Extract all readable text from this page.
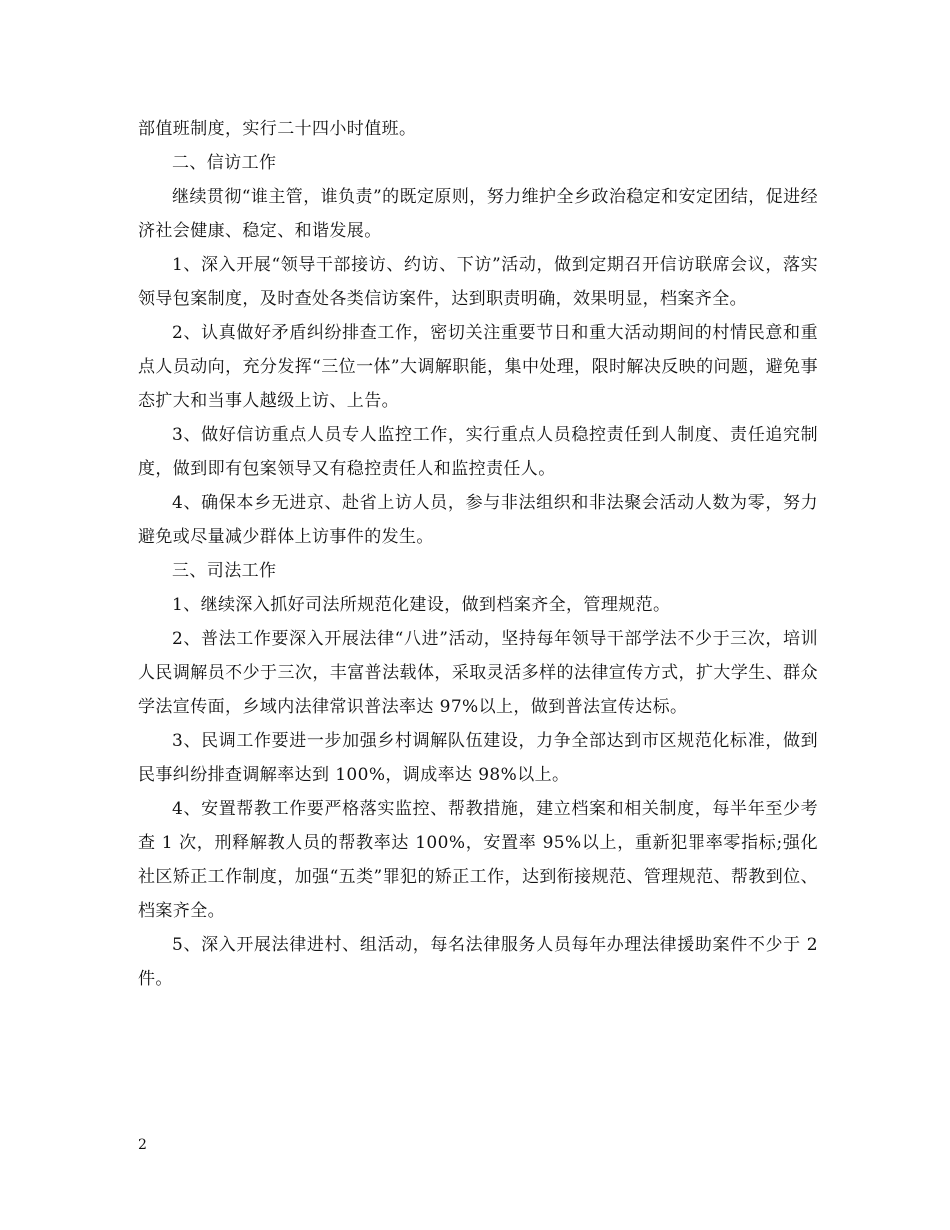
部值班制度，实行二十四小时值班。

二、信访工作

继续贯彻“谁主管，谁负责”的既定原则，努力维护全乡政治稳定和安定团结，促进经济社会健康、稳定、和谐发展。

1、深入开展“领导干部接访、约访、下访”活动，做到定期召开信访联席会议，落实领导包案制度，及时查处各类信访案件，达到职责明确，效果明显，档案齐全。

2、认真做好矛盾纠纷排查工作，密切关注重要节日和重大活动期间的村情民意和重点人员动向，充分发挥“三位一体”大调解职能，集中处理，限时解决反映的问题，避免事态扩大和当事人越级上访、上告。

3、做好信访重点人员专人监控工作，实行重点人员稳控责任到人制度、责任追究制度，做到即有包案领导又有稳控责任人和监控责任人。

4、确保本乡无进京、赴省上访人员，参与非法组织和非法聚会活动人数为零，努力避免或尽量减少群体上访事件的发生。

三、司法工作

1、继续深入抓好司法所规范化建设，做到档案齐全，管理规范。

2、普法工作要深入开展法律“八进”活动，坚持每年领导干部学法不少于三次，培训人民调解员不少于三次，丰富普法载体，采取灵活多样的法律宣传方式，扩大学生、群众学法宣传面，乡域内法律常识普法率达 97%以上，做到普法宣传达标。

3、民调工作要进一步加强乡村调解队伍建设，力争全部达到市区规范化标准，做到民事纠纷排查调解率达到 100%，调成率达 98%以上。

4、安置帮教工作要严格落实监控、帮教措施，建立档案和相关制度，每半年至少考查 1 次，刑释解教人员的帮教率达 100%，安置率 95%以上，重新犯罪率零指标;强化社区矫正工作制度，加强“五类”罪犯的矫正工作，达到衔接规范、管理规范、帮教到位、档案齐全。

5、深入开展法律进村、组活动，每名法律服务人员每年办理法律援助案件不少于 2 件。

2
